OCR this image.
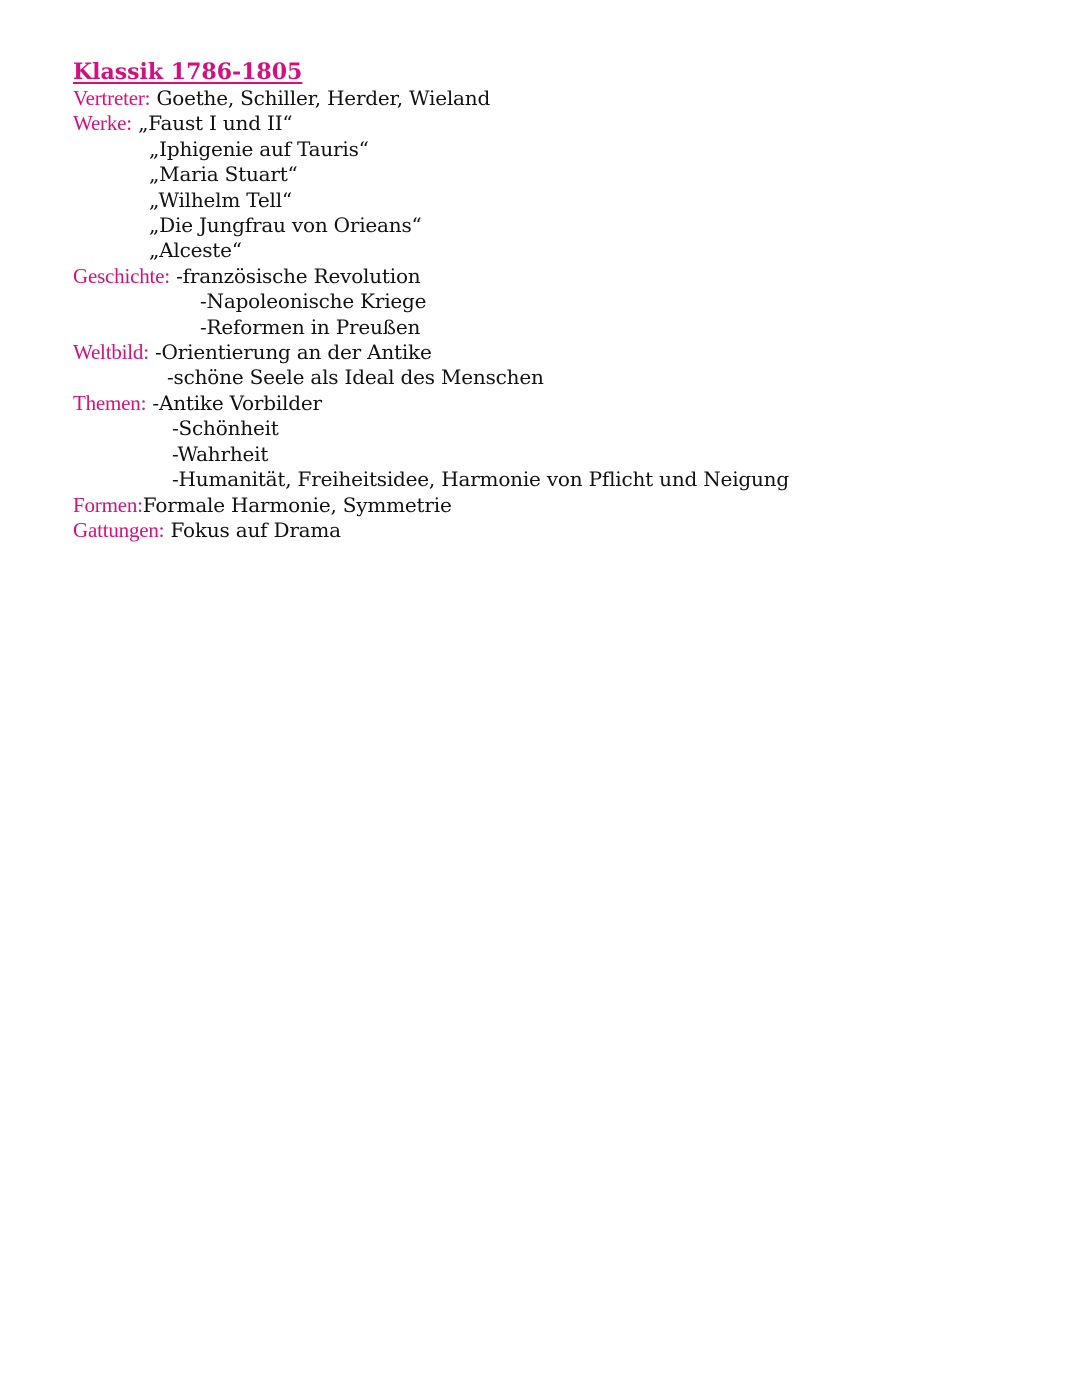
Klassik 1786-1805
Vertreter: Goethe, Schiller, Herder, Wieland
Werke: „Faust I und II“
„Iphigenie auf Tauris“
„Maria Stuart“
„Wilhelm Tell“
„Die Jungfrau von Orieans“
„Alceste“
Geschichte: -französische Revolution
-Napoleonische Kriege
-Reformen in Preußen
Weltbild: -Orientierung an der Antike
-schöne Seele als Ideal des Menschen
Themen: -Antike Vorbilder
-Schönheit
-Wahrheit
-Humanität, Freiheitsidee, Harmonie von Pflicht und Neigung
Formen:Formale Harmonie, Symmetrie
Gattungen: Fokus auf Drama
